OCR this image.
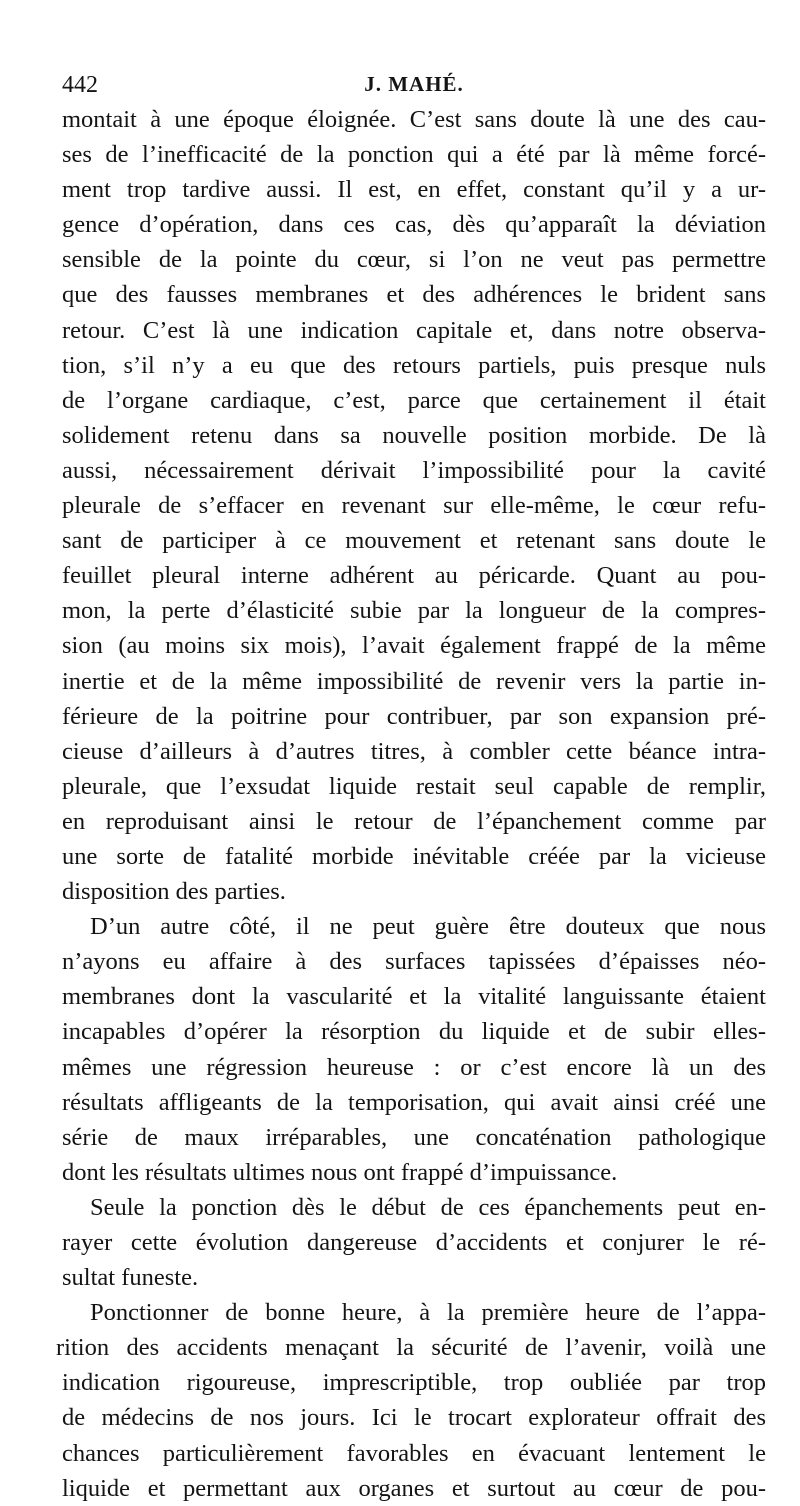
442	J. MAHÉ.
montait à une époque éloignée. C’est sans doute là une des cau-
ses de l’inefficacité de la ponction qui a été par là même forcé-
ment trop tardive aussi. Il est, en effet, constant qu’il y a ur-
gence d’opération, dans ces cas, dès qu’apparaît la déviation
sensible de la pointe du cœur, si l’on ne veut pas permettre
que des fausses membranes et des adhérences le brident sans
retour. C’est là une indication capitale et, dans notre observa-
tion, s’il n’y a eu que des retours partiels, puis presque nuls
de l’organe cardiaque, c’est, parce que certainement il était
solidement retenu dans sa nouvelle position morbide. De là
aussi, nécessairement dérivait l’impossibilité pour la cavité
pleurale de s’effacer en revenant sur elle-même, le cœur refu-
sant de participer à ce mouvement et retenant sans doute le
feuillet pleural interne adhérent au péricarde. Quant au pou-
mon, la perte d’élasticité subie par la longueur de la compres-
sion (au moins six mois), l’avait également frappé de la même
inertie et de la même impossibilité de revenir vers la partie in-
férieure de la poitrine pour contribuer, par son expansion pré-
cieuse d’ailleurs à d’autres titres, à combler cette béance intra-
pleurale, que l’exsudat liquide restait seul capable de remplir,
en reproduisant ainsi le retour de l’épanchement comme par
une sorte de fatalité morbide inévitable créée par la vicieuse
disposition des parties.
D’un autre côté, il ne peut guère être douteux que nous
n’ayons eu affaire à des surfaces tapissées d’épaisses néo-
membranes dont la vascularité et la vitalité languissante étaient
incapables d’opérer la résorption du liquide et de subir elles-
mêmes une régression heureuse : or c’est encore là un des
résultats affligeants de la temporisation, qui avait ainsi créé une
série de maux irréparables, une concaténation pathologique
dont les résultats ultimes nous ont frappé d’impuissance.
Seule la ponction dès le début de ces épanchements peut en-
rayer cette évolution dangereuse d’accidents et conjurer le ré-
sultat funeste.
Ponctionner de bonne heure, à la première heure de l’appa-
rition des accidents menaçant la sécurité de l’avenir, voilà une
indication rigoureuse, imprescriptible, trop oubliée par trop
de médecins de nos jours. Ici le trocart explorateur offrait des
chances particulièrement favorables en évacuant lentement le
liquide et permettant aux organes et surtout au cœur de pou-
